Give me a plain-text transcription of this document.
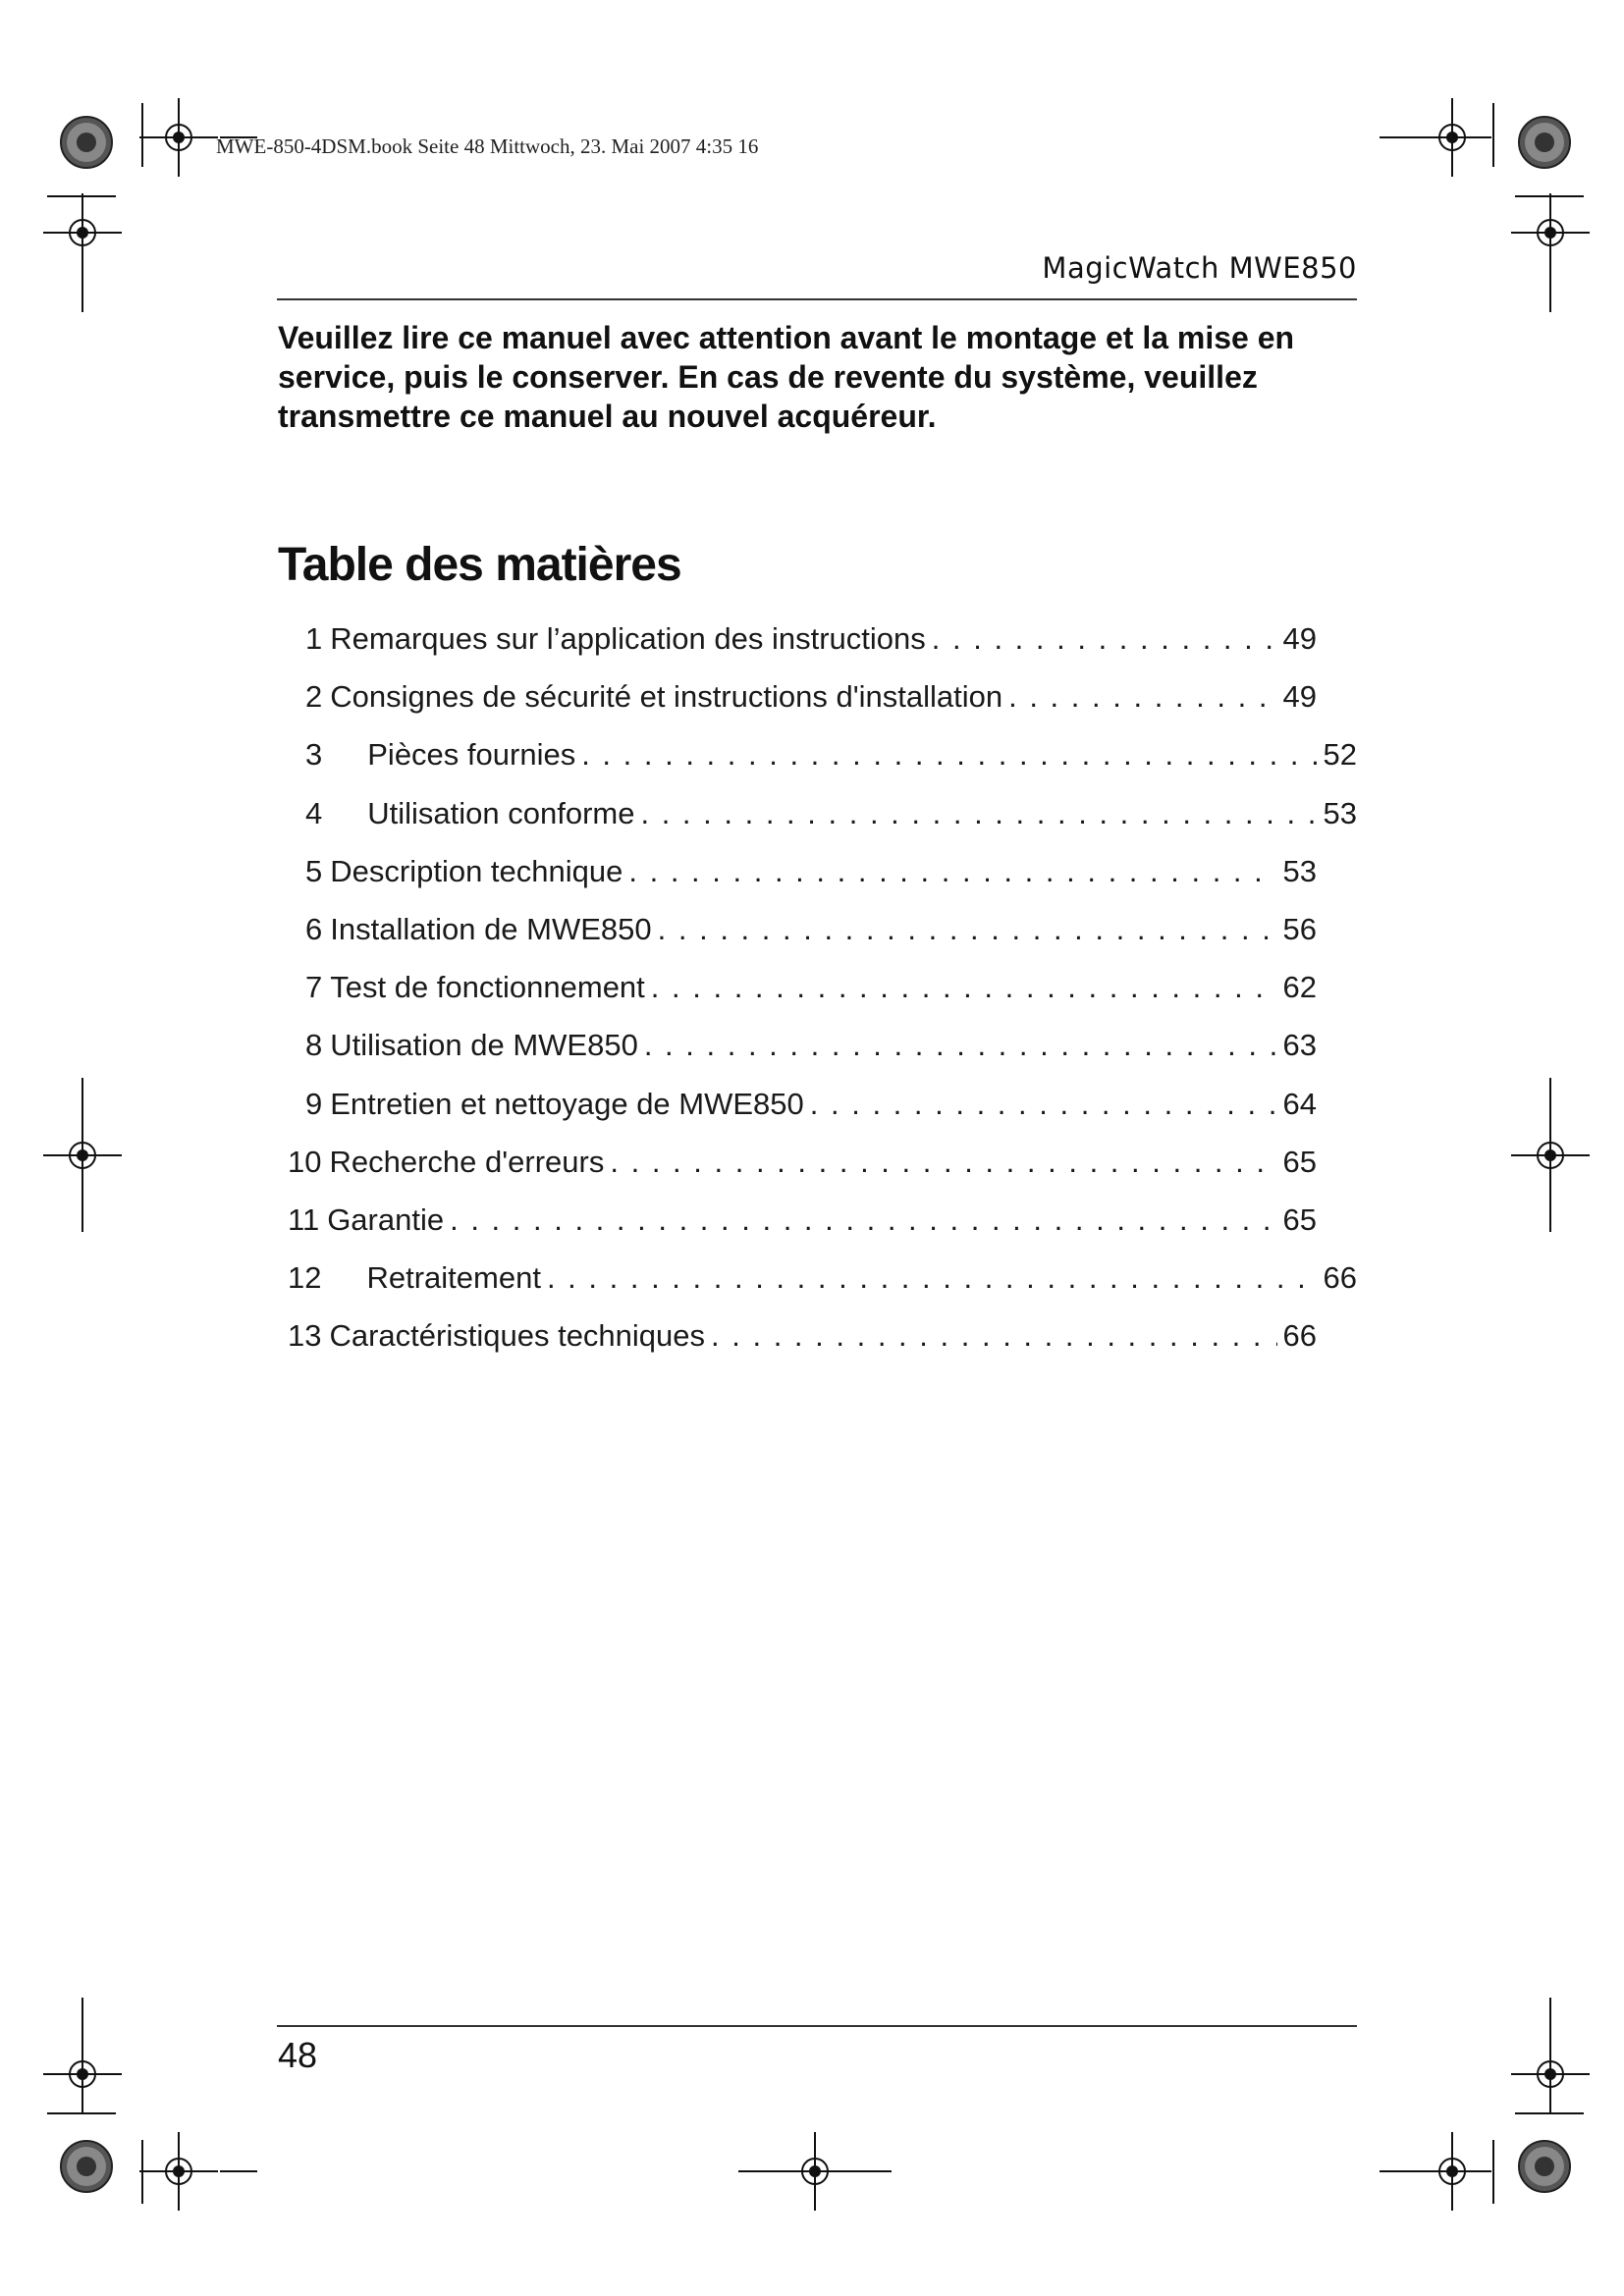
MWE-850-4DSM.book Seite 48 Mittwoch, 23. Mai 2007 4:35 16
MagicWatch MWE850
Veuillez lire ce manuel avec attention avant le montage et la mise en
service, puis le conserver. En cas de revente du système, veuillez
transmettre ce manuel au nouvel acquéreur.
Table des matières
1 Remarques sur l’application des instructions . . .	49
2 Consignes de sécurité et instructions d'installation . . .	49
3 Pièces fournies . . .	52
4 Utilisation conforme . . .	53
5 Description technique . . .	53
6 Installation de MWE850 . . .	56
7 Test de fonctionnement . . .	62
8 Utilisation de MWE850 . . .	63
9 Entretien et nettoyage de MWE850 . . .	64
10 Recherche d'erreurs . . .	65
11 Garantie . . .	65
12 Retraitement . . .	66
13 Caractéristiques techniques . . .	66
48
